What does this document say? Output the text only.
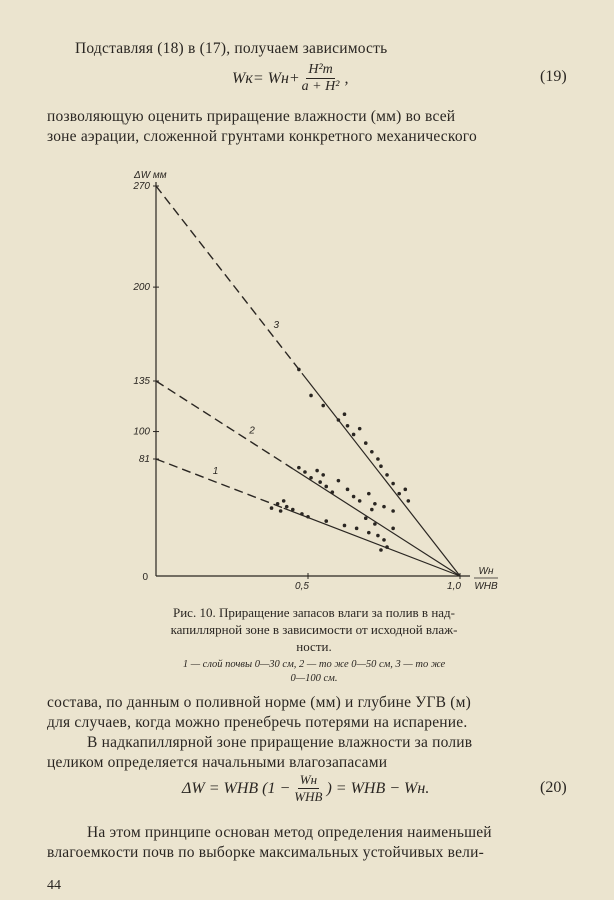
Подставляя (18) в (17), получаем зависимость
$Wк= Wн+ \frac{\text{H²m}}{\text{a + H²}}$ ,	(19)
позволяющую оценить приращение влажности (мм) во всей
зоне аэрации, сложенной грунтами конкретного механического
ΔW мм
270
200
135
100
81
0
0,5	1,0
Wн
WНВ
1
2
3
Рис. 10. Приращение запасов влаги за полив в над-
капиллярной зоне в зависимости от исходной влаж-
ности.
1 — слой почвы 0—30 см, 2 — то же 0—50 см, 3 — то же
0—100 см.
состава, по данным о поливной норме (мм) и глубине УГВ (м)
для случаев, когда можно пренебречь потерями на испарение.
В надкапиллярной зоне приращение влажности за полив
целиком определяется начальными влагозапасами
ΔW = WНВ ($1 - \frac{Wн}{\text{WНВ}}$ ) = WНВ − Wн.	(20)
На этом принципе основан метод определения наименьшей
влагоемкости почв по выборке максимальных устойчивых вели-
44
